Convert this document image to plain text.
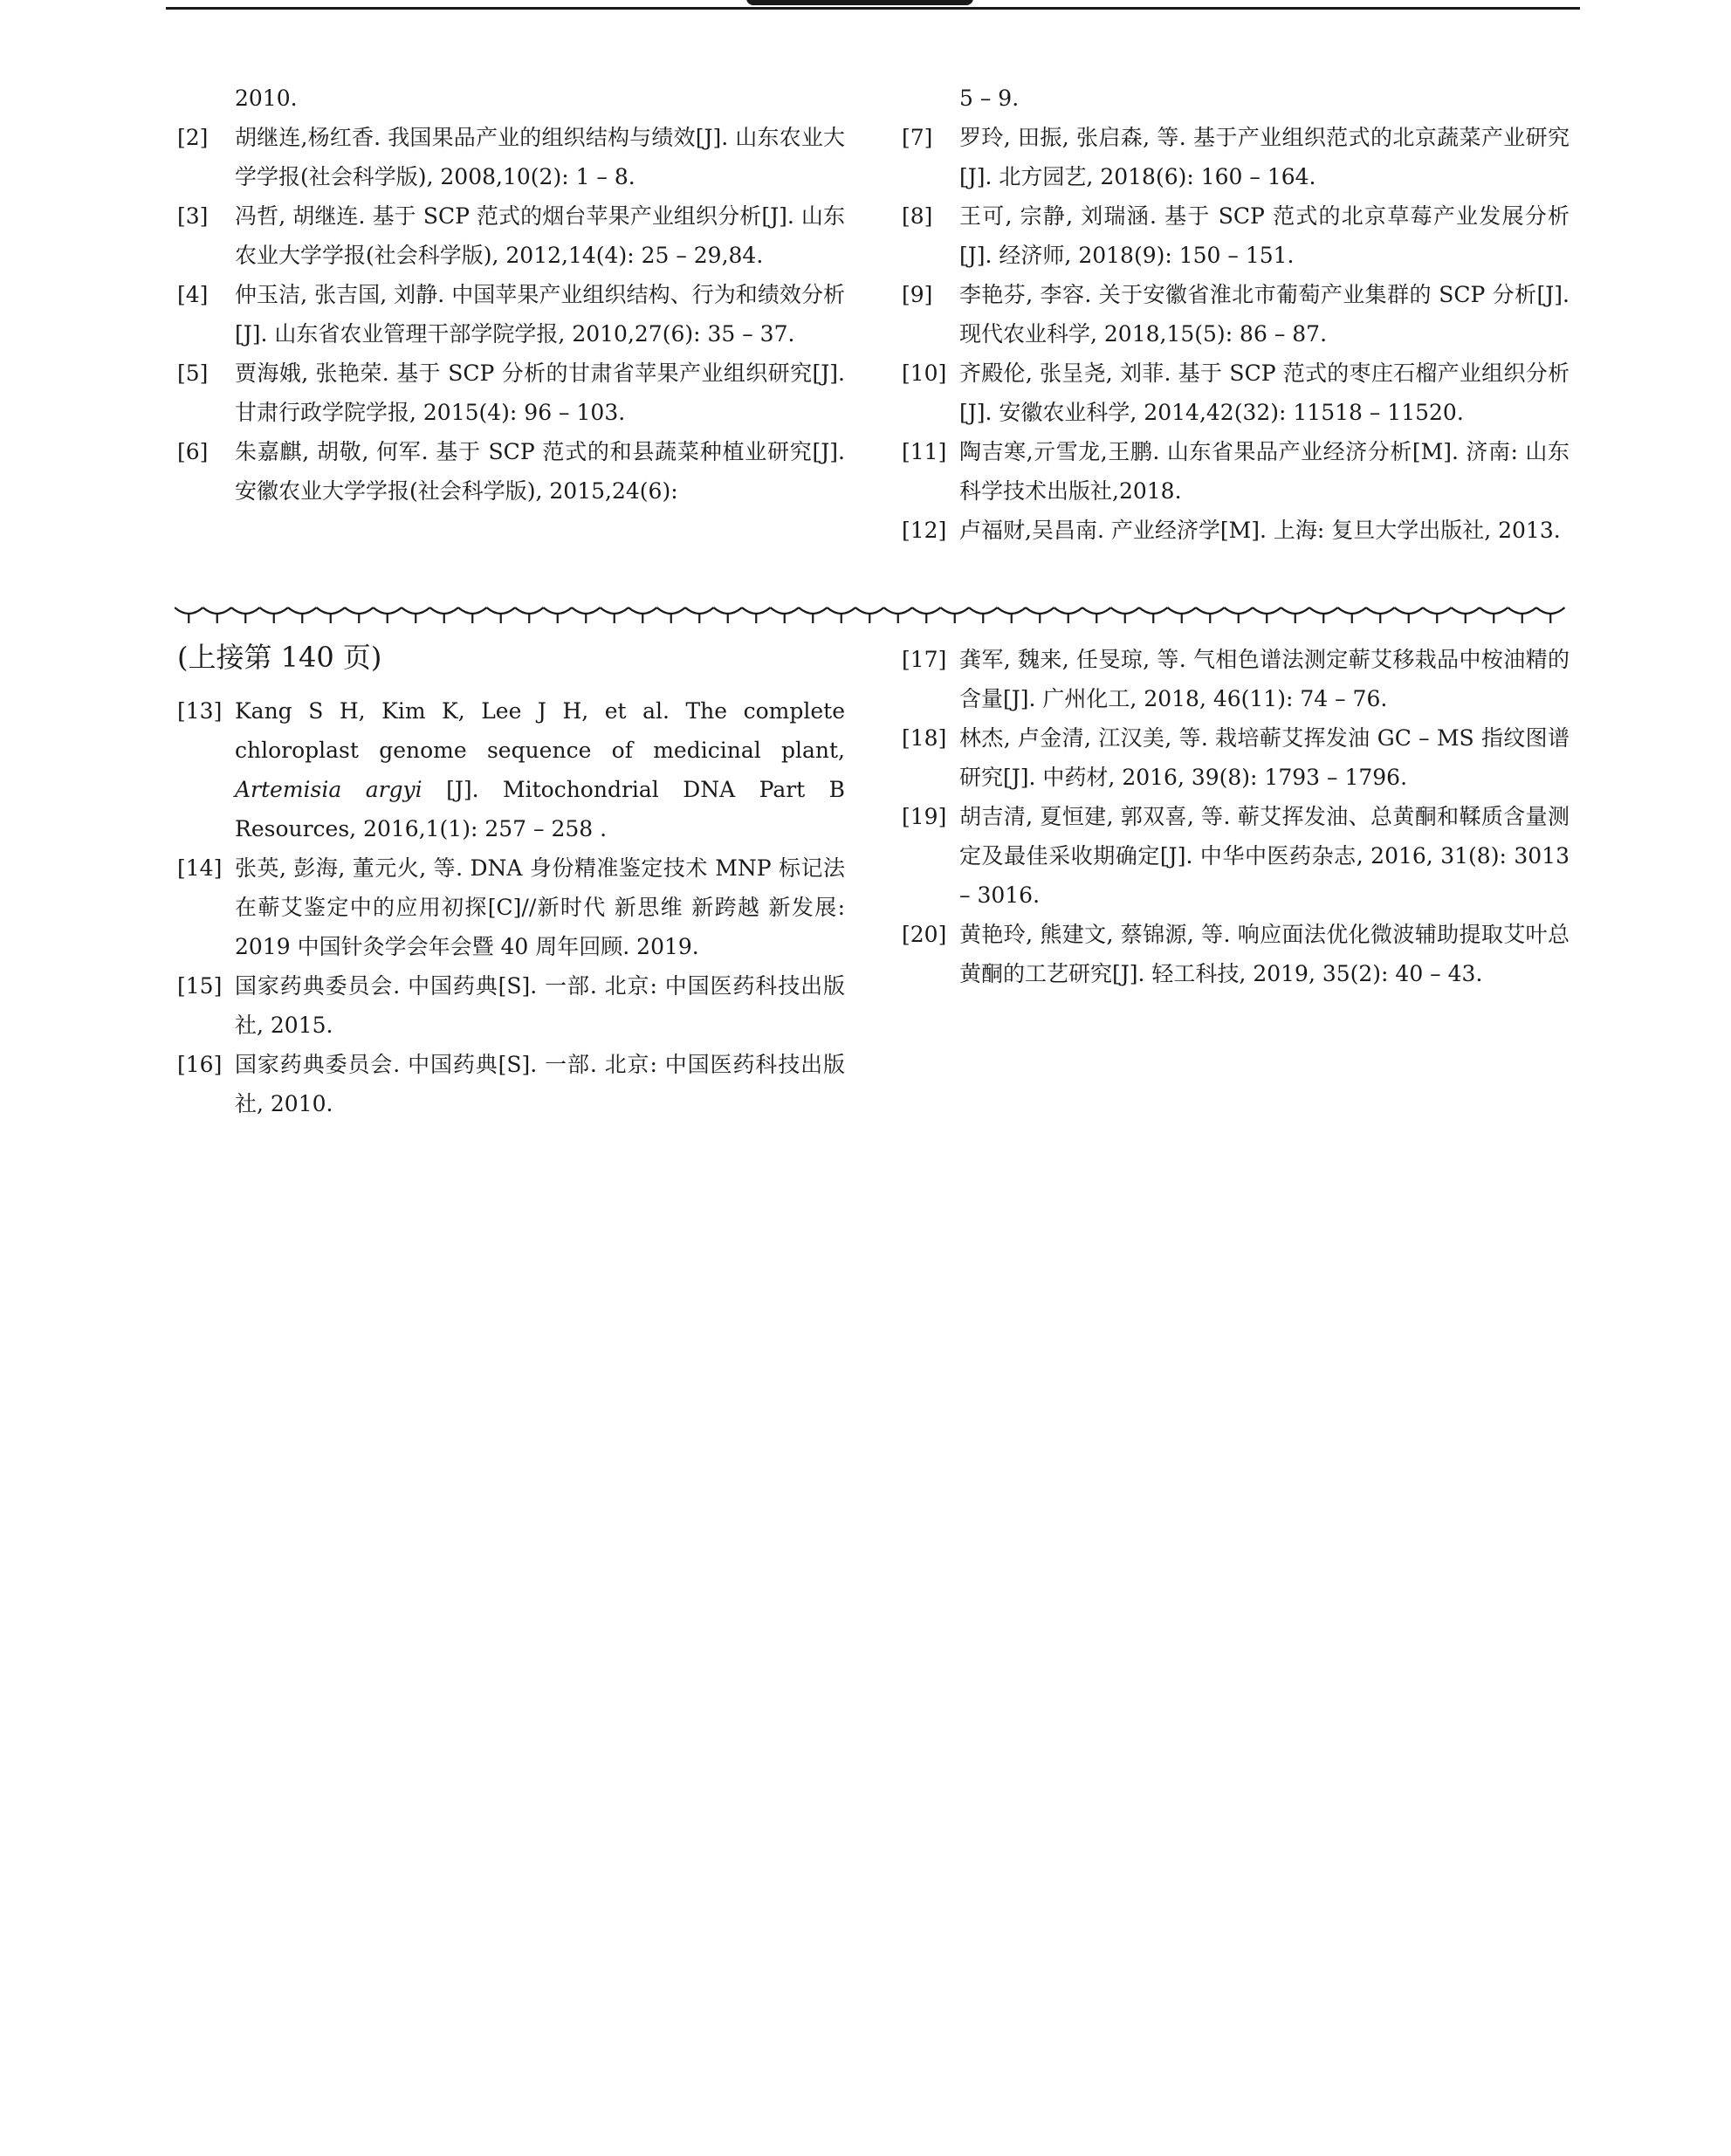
2010.
[2]	胡继连,杨红香. 我国果品产业的组织结构与绩效[J]. 山东农业大学学报(社会科学版), 2008,10(2): 1 – 8.
[3]	冯哲, 胡继连. 基于 SCP 范式的烟台苹果产业组织分析[J]. 山东农业大学学报(社会科学版), 2012,14(4): 25 – 29,84.
[4]	仲玉洁, 张吉国, 刘静. 中国苹果产业组织结构、行为和绩效分析[J]. 山东省农业管理干部学院学报, 2010,27(6): 35 – 37.
[5]	贾海娥, 张艳荣. 基于 SCP 分析的甘肃省苹果产业组织研究[J]. 甘肃行政学院学报, 2015(4): 96 – 103.
[6]	朱嘉麒, 胡敬, 何军. 基于 SCP 范式的和县蔬菜种植业研究[J]. 安徽农业大学学报(社会科学版), 2015,24(6):
5 – 9.
[7]	罗玲, 田振, 张启森, 等. 基于产业组织范式的北京蔬菜产业研究[J]. 北方园艺, 2018(6): 160 – 164.
[8]	王可, 宗静, 刘瑞涵. 基于 SCP 范式的北京草莓产业发展分析[J]. 经济师, 2018(9): 150 – 151.
[9]	李艳芬, 李容. 关于安徽省淮北市葡萄产业集群的 SCP 分析[J]. 现代农业科学, 2018,15(5): 86 – 87.
[10] 齐殿伦, 张呈尧, 刘菲. 基于 SCP 范式的枣庄石榴产业组织分析[J]. 安徽农业科学, 2014,42(32): 11518 – 11520.
[11] 陶吉寒,亓雪龙,王鹏. 山东省果品产业经济分析[M]. 济南: 山东科学技术出版社,2018.
[12] 卢福财,吴昌南. 产业经济学[M]. 上海: 复旦大学出版社, 2013.
(上接第 140 页)
[13] Kang S H, Kim K, Lee J H, et al. The complete chloroplast genome sequence of medicinal plant, Artemisia argyi [J]. Mitochondrial DNA Part B Resources, 2016,1(1): 257 – 258 .
[14] 张英, 彭海, 董元火, 等. DNA 身份精准鉴定技术 MNP 标记法在蕲艾鉴定中的应用初探[C]//新时代 新思维 新跨越 新发展: 2019 中国针灸学会年会暨 40 周年回顾. 2019.
[15] 国家药典委员会. 中国药典[S]. 一部. 北京: 中国医药科技出版社, 2015.
[16] 国家药典委员会. 中国药典[S]. 一部. 北京: 中国医药科技出版社, 2010.
[17] 龚军, 魏来, 任旻琼, 等. 气相色谱法测定蕲艾移栽品中桉油精的含量[J]. 广州化工, 2018, 46(11): 74 – 76.
[18] 林杰, 卢金清, 江汉美, 等. 栽培蕲艾挥发油 GC – MS 指纹图谱研究[J]. 中药材, 2016, 39(8): 1793 – 1796.
[19] 胡吉清, 夏恒建, 郭双喜, 等. 蕲艾挥发油、总黄酮和鞣质含量测定及最佳采收期确定[J]. 中华中医药杂志, 2016, 31(8): 3013 – 3016.
[20] 黄艳玲, 熊建文, 蔡锦源, 等. 响应面法优化微波辅助提取艾叶总黄酮的工艺研究[J]. 轻工科技, 2019, 35(2): 40 – 43.
